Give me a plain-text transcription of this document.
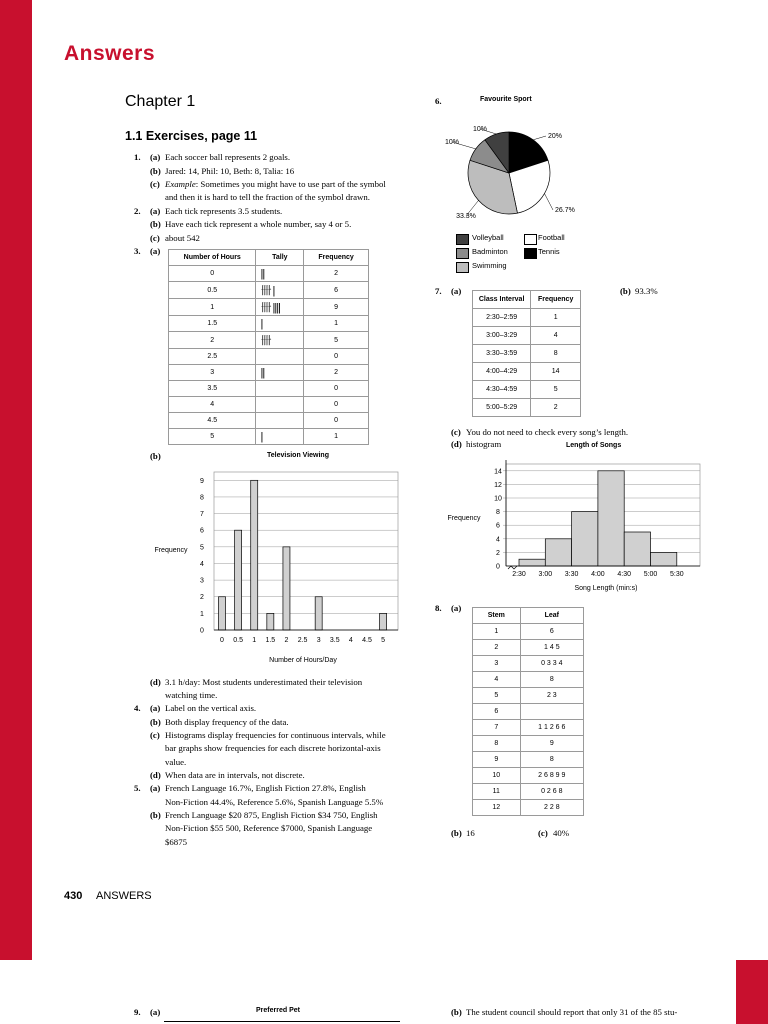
Answers
Chapter 1
1.1 Exercises, page 11
1. (a) Each soccer ball represents 2 goals.
(b) Jared: 14, Phil: 10, Beth: 8, Talia: 16
(c) Example: Sometimes you might have to use part of the symbol
and then it is hard to tell the fraction of the symbol drawn.
2. (a) Each tick represents 3.5 students.
(b) Have each tick represent a whole number, say 4 or 5.
(c) about 542
3. (a)
Number of Hours	Tally	Frequency
0	||	2
0.5	卌 |	6
1	卌 ||||	9
1.5	|	1
2	卌	5
2.5		0
3	||	2
3.5		0
4		0
4.5		0
5	|	1
(b)	Television Viewing
0
1
2
3
4
5
6
7
8
9
0 0.5 1 1.5 2 2.5 3 3.5 4 4.5 5
Number of Hours/Day
Frequency
(d) 3.1 h/day: Most students underestimated their television
watching time.
4. (a) Label on the vertical axis.
(b) Both display frequency of the data.
(c) Histograms display frequencies for continuous intervals, while
bar graphs show frequencies for each discrete horizontal-axis
value.
(d) When data are in intervals, not discrete.
5. (a) French Language 16.7%, English Fiction 27.8%, English
Non-Fiction 44.4%, Reference 5.6%, Spanish Language 5.5%
(b) French Language $20 875, English Fiction $34 750, English
Non-Fiction $55 500, Reference $7000, Spanish Language
$6875
6.	Favourite Sport
20%
26.7%
33.3%
10%
10%
Volleyball	Football
Badminton	Tennis
Swimming
7. (a)	(b) 93.3%
Class Interval	Frequency
2:30–2:59	1
3:00–3:29	4
3:30–3:59	8
4:00–4:29	14
4:30–4:59	5
5:00–5:29	2
(c) You do not need to check every song’s length.
(d) histogram	Length of Songs
0
2
4
6
8
10
12
14
2:30 3:00 3:30 4:00 4:30 5:00 5:30
Song Length (min:s)
Frequency
8. (a)
Stem	Leaf
1	6
2	1 4 5
3	0 3 3 4
4	8
5	2 3
6	
7	1 1 2 6 6
8	9
9	8
10	2 6 8 9 9
11	0 2 6 8
12	2 2 8
(b) 16	(c) 40%
430 ANSWERS
9. (a)	Preferred Pet	(b) The student council should report that only 31 of the 85 stu-
